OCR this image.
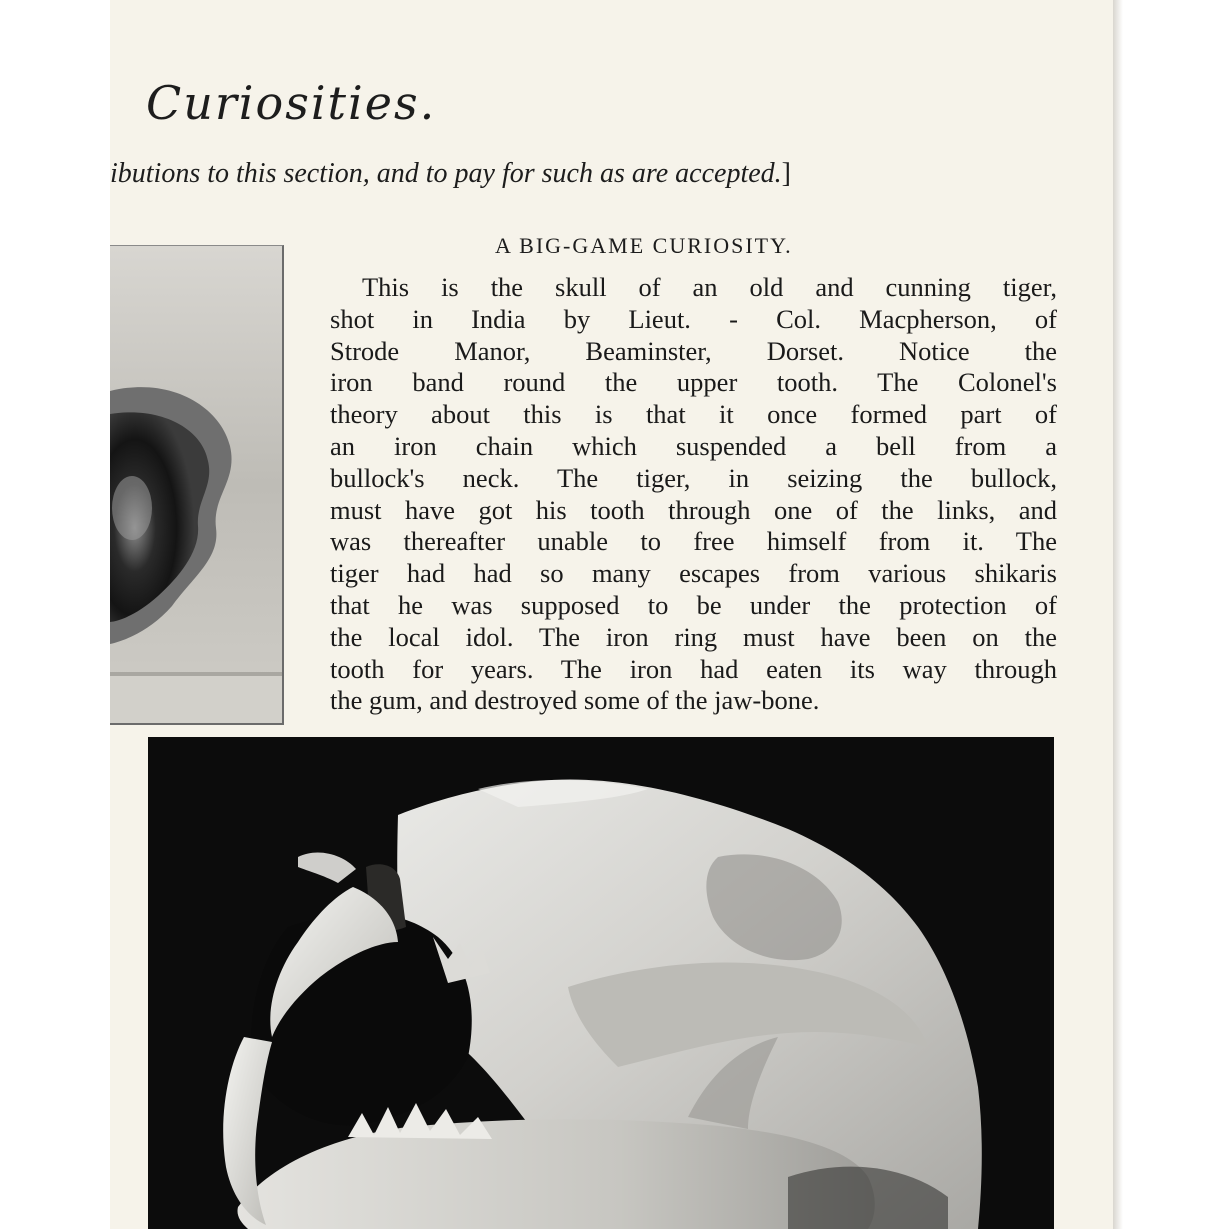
Curiosities.
ibutions to this section, and to pay for such as are accepted.]
A BIG-GAME CURIOSITY.
This is the skull of an old and cunning tiger,
shot in India by Lieut. - Col. Macpherson, of
Strode Manor, Beaminster, Dorset. Notice the
iron band round the upper tooth. The Colonel's
theory about this is that it once formed part of
an iron chain which suspended a bell from a
bullock's neck. The tiger, in seizing the bullock,
must have got his tooth through one of the links, and
was thereafter unable to free himself from it. The
tiger had had so many escapes from various shikaris
that he was supposed to be under the protection of
the local idol. The iron ring must have been on the
tooth for years. The iron had eaten its way through
the gum, and destroyed some of the jaw-bone.
